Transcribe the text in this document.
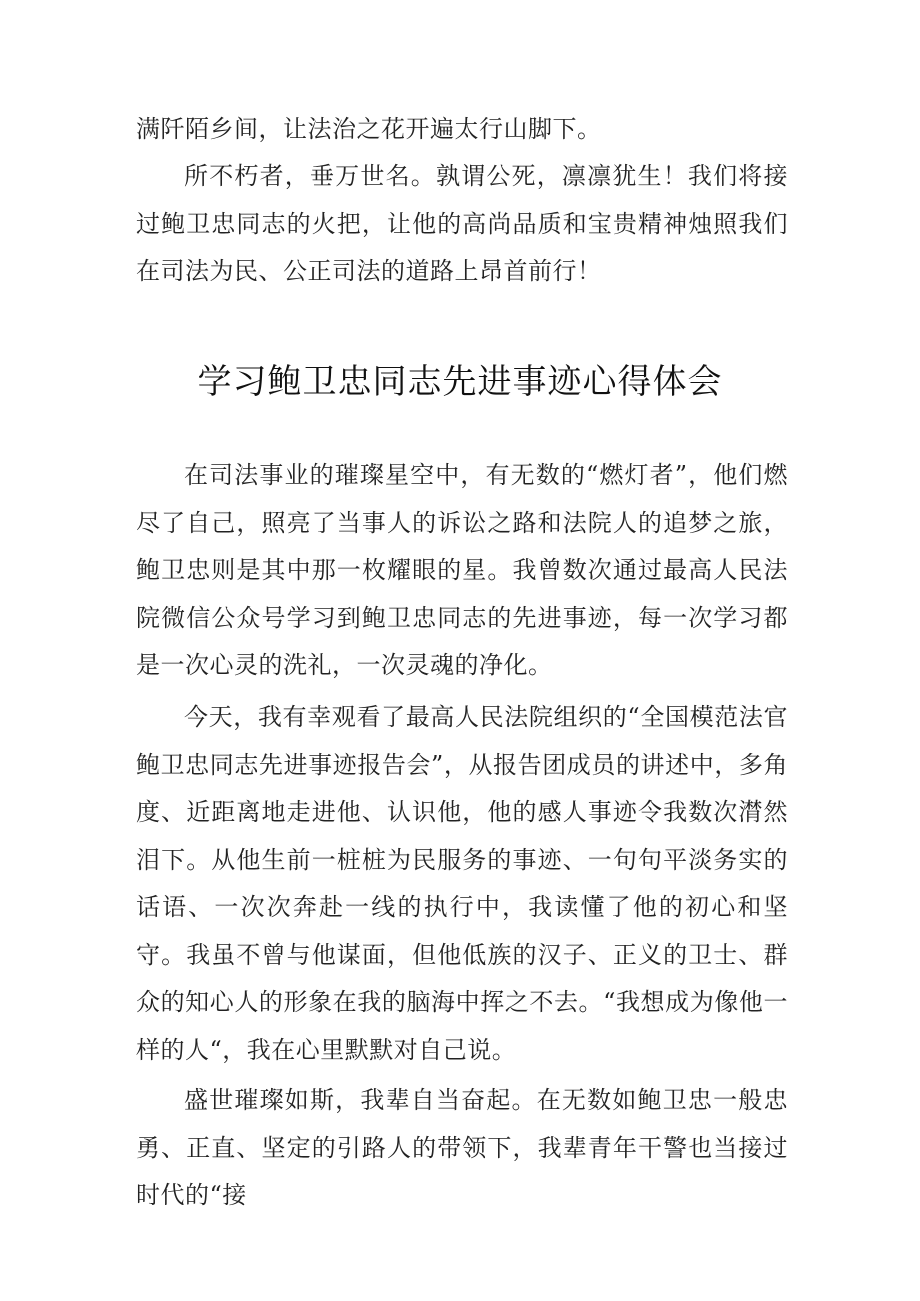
满阡陌乡间，让法治之花开遍太行山脚下。

所不朽者，垂万世名。孰谓公死，凛凛犹生！我们将接过鲍卫忠同志的火把，让他的高尚品质和宝贵精神烛照我们在司法为民、公正司法的道路上昂首前行！

学习鲍卫忠同志先进事迹心得体会

在司法事业的璀璨星空中，有无数的“燃灯者”，他们燃尽了自己，照亮了当事人的诉讼之路和法院人的追梦之旅，鲍卫忠则是其中那一枚耀眼的星。我曾数次通过最高人民法院微信公众号学习到鲍卫忠同志的先进事迹，每一次学习都是一次心灵的洗礼，一次灵魂的净化。

今天，我有幸观看了最高人民法院组织的“全国模范法官鲍卫忠同志先进事迹报告会”，从报告团成员的讲述中，多角度、近距离地走进他、认识他，他的感人事迹令我数次潸然泪下。从他生前一桩桩为民服务的事迹、一句句平淡务实的话语、一次次奔赴一线的执行中，我读懂了他的初心和坚守。我虽不曾与他谋面，但他低族的汉子、正义的卫士、群众的知心人的形象在我的脑海中挥之不去。“我想成为像他一样的人“，我在心里默默对自己说。

盛世璀璨如斯，我辈自当奋起。在无数如鲍卫忠一般忠勇、正直、坚定的引路人的带领下，我辈青年干警也当接过时代的“接
